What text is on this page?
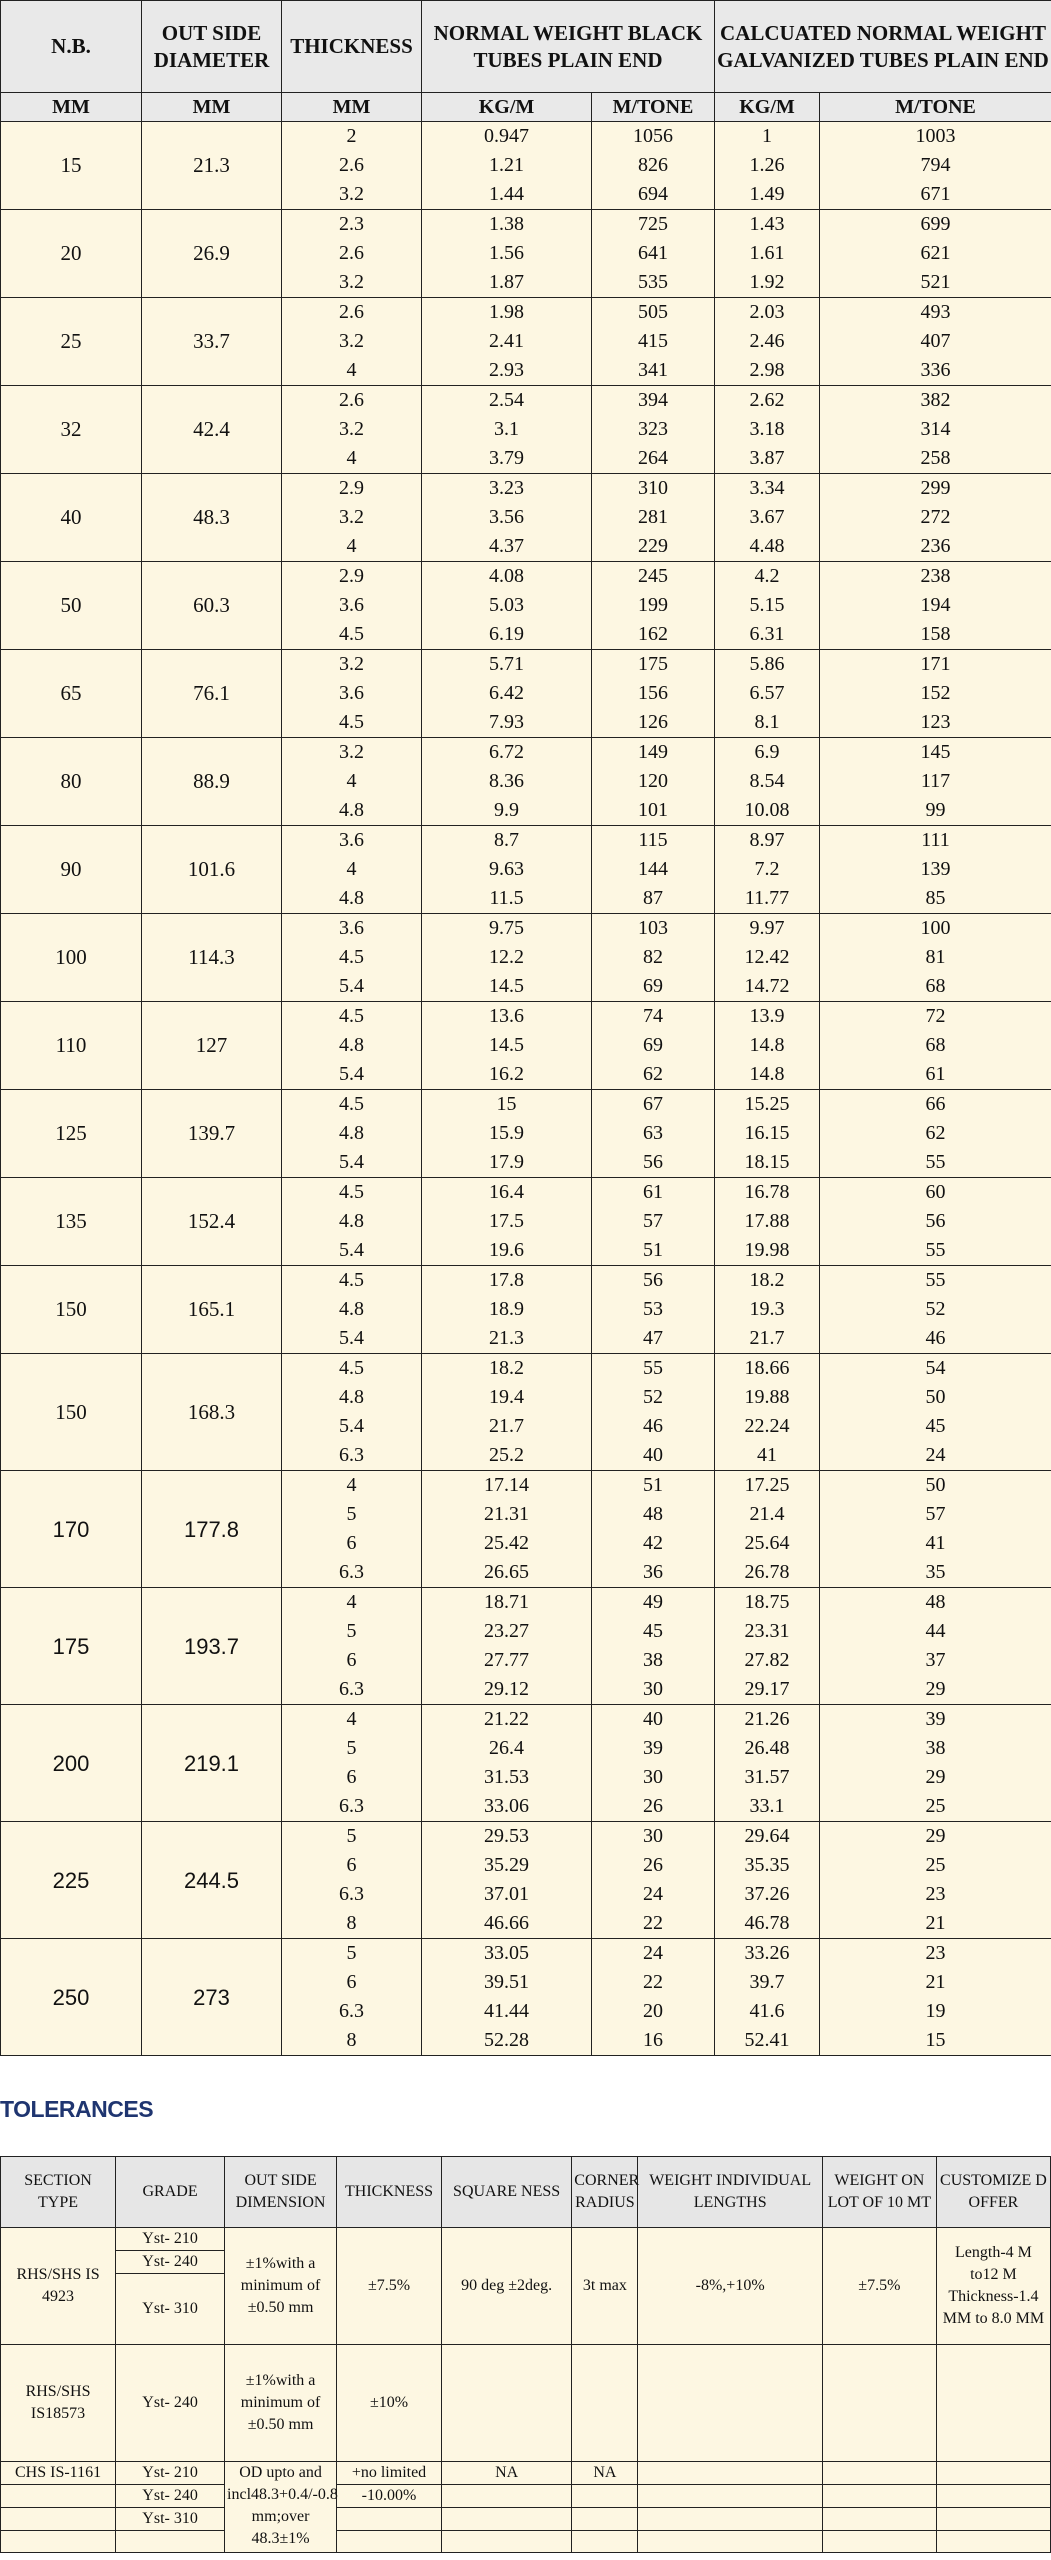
N.B.	OUT SIDE DIAMETER	THICKNESS	NORMAL WEIGHT BLACK TUBES PLAIN END		CALCUATED NORMAL WEIGHT GALVANIZED TUBES PLAIN END	
MM	MM	MM	KG/M	M/TONE	KG/M	M/TONE
15	21.3	2	0.947	1056	1	1003
		2.6	1.21	826	1.26	794
		3.2	1.44	694	1.49	671
20	26.9	2.3	1.38	725	1.43	699
		2.6	1.56	641	1.61	621
		3.2	1.87	535	1.92	521
25	33.7	2.6	1.98	505	2.03	493
		3.2	2.41	415	2.46	407
		4	2.93	341	2.98	336
32	42.4	2.6	2.54	394	2.62	382
		3.2	3.1	323	3.18	314
		4	3.79	264	3.87	258
40	48.3	2.9	3.23	310	3.34	299
		3.2	3.56	281	3.67	272
		4	4.37	229	4.48	236
50	60.3	2.9	4.08	245	4.2	238
		3.6	5.03	199	5.15	194
		4.5	6.19	162	6.31	158
65	76.1	3.2	5.71	175	5.86	171
		3.6	6.42	156	6.57	152
		4.5	7.93	126	8.1	123
80	88.9	3.2	6.72	149	6.9	145
		4	8.36	120	8.54	117
		4.8	9.9	101	10.08	99
90	101.6	3.6	8.7	115	8.97	111
		4	9.63	144	7.2	139
		4.8	11.5	87	11.77	85
100	114.3	3.6	9.75	103	9.97	100
		4.5	12.2	82	12.42	81
		5.4	14.5	69	14.72	68
110	127	4.5	13.6	74	13.9	72
		4.8	14.5	69	14.8	68
		5.4	16.2	62	14.8	61
125	139.7	4.5	15	67	15.25	66
		4.8	15.9	63	16.15	62
		5.4	17.9	56	18.15	55
135	152.4	4.5	16.4	61	16.78	60
		4.8	17.5	57	17.88	56
		5.4	19.6	51	19.98	55
150	165.1	4.5	17.8	56	18.2	55
		4.8	18.9	53	19.3	52
		5.4	21.3	47	21.7	46
150	168.3	4.5	18.2	55	18.66	54
		4.8	19.4	52	19.88	50
		5.4	21.7	46	22.24	45
		6.3	25.2	40	41	24
170	177.8	4	17.14	51	17.25	50
		5	21.31	48	21.4	57
		6	25.42	42	25.64	41
		6.3	26.65	36	26.78	35
175	193.7	4	18.71	49	18.75	48
		5	23.27	45	23.31	44
		6	27.77	38	27.82	37
		6.3	29.12	30	29.17	29
200	219.1	4	21.22	40	21.26	39
		5	26.4	39	26.48	38
		6	31.53	30	31.57	29
		6.3	33.06	26	33.1	25
225	244.5	5	29.53	30	29.64	29
		6	35.29	26	35.35	25
		6.3	37.01	24	37.26	23
		8	46.66	22	46.78	21
250	273	5	33.05	24	33.26	23
		6	39.51	22	39.7	21
		6.3	41.44	20	41.6	19
		8	52.28	16	52.41	15
TOLERANCES
SECTION TYPE	GRADE	OUT SIDE DIMENSION	THICKNESS	SQUARE NESS	CORNER RADIUS	WEIGHT INDIVIDUAL LENGTHS	WEIGHT ON LOT OF 10 MT	CUSTOMIZE D OFFER
RHS/SHS IS 4923	Yst- 210	±1%with a minimum of ±0.50 mm	±7.5%	90 deg ±2deg.	3t max	-8%,+10%	±7.5%	Length-4 M to12 M Thickness-1.4 MM to 8.0 MM
	Yst- 240							
	Yst- 310							
RHS/SHS IS18573	Yst- 240	±1%with a minimum of ±0.50 mm	±10%					
CHS IS-1161	Yst- 210	OD upto and incl48.3+0.4/-0.8 mm;over 48.3±1%	+no limited	NA	NA			
	Yst- 240		-10.00%					
	Yst- 310							
